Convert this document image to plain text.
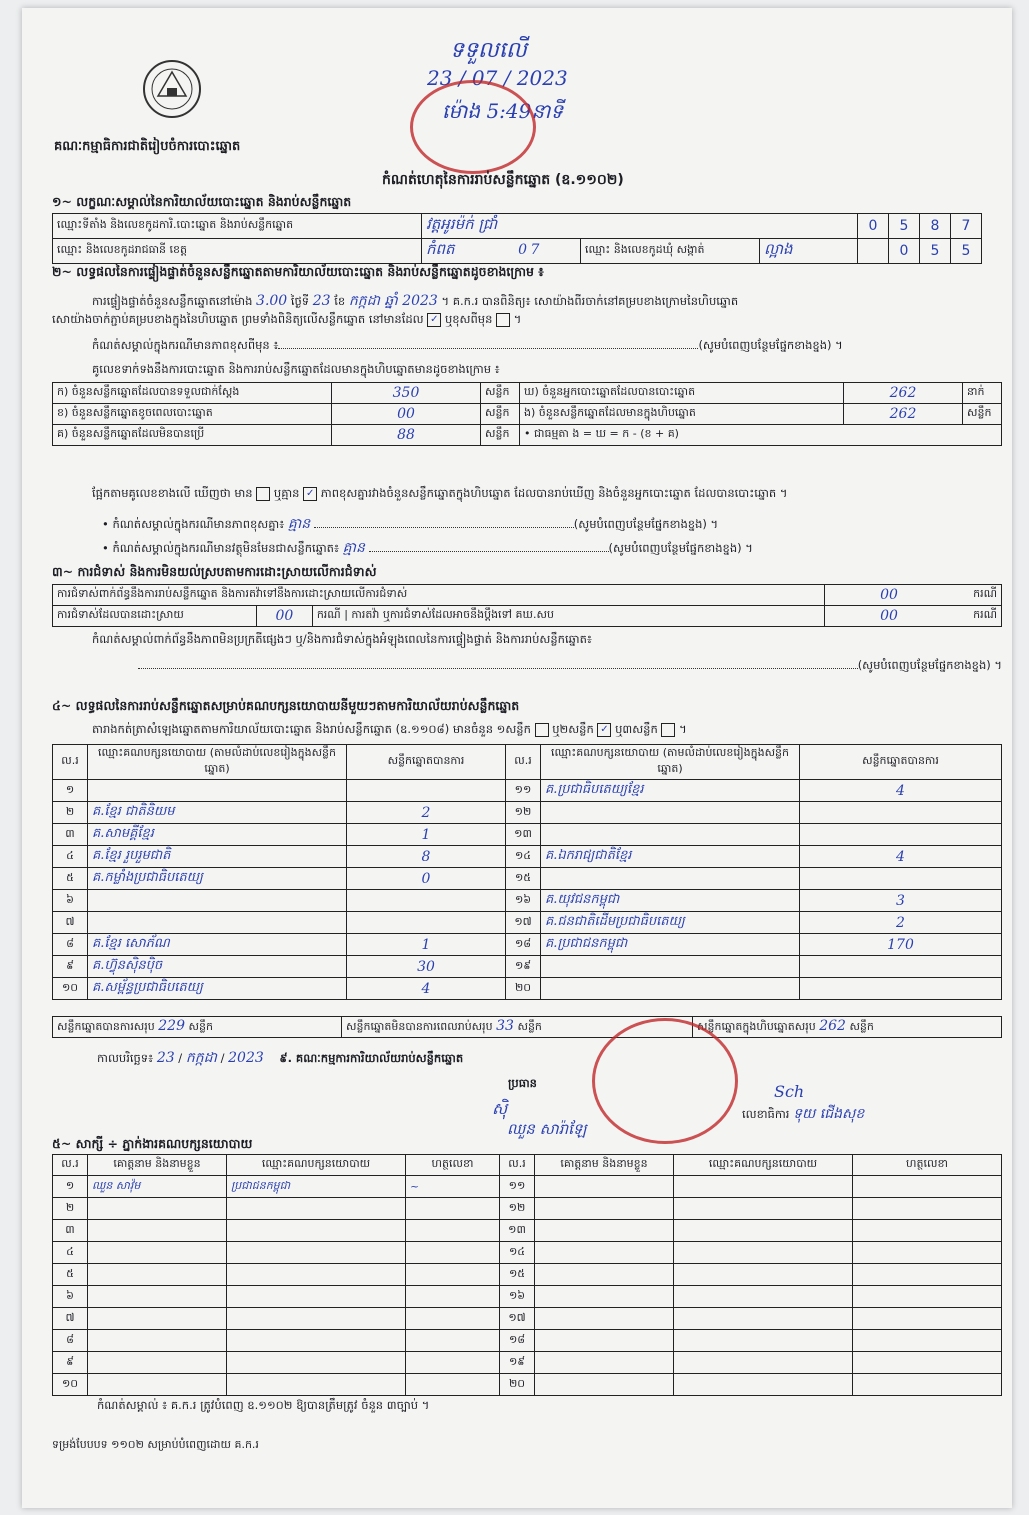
គណៈកម្មាធិការជាតិរៀបចំការបោះឆ្នោត
ទទួលលើ
23 / 07 / 2023
ម៉ោង 5:49នាទី
កំណត់ហេតុនៃការរាប់សន្លឹកឆ្នោត (ឧ.១១០២)
១~ លក្ខណៈសម្គាល់នៃការិយាល័យបោះឆ្នោត និងរាប់សន្លឹកឆ្នោត
ឈ្មោះទីតាំង និងលេខកូដការិ.បោះឆ្នោត និងរាប់សន្លឹកឆ្នោត	វត្តអូរម៉ក់ ជ្រាំ			0	5	8	7
ឈ្មោះ និងលេខកូដរាជធានី ខេត្ត	កំពត 0 7	ឈ្មោះ និងលេខកូដឃុំ សង្កាត់	ល្អាង		0	5	5
២~ លទ្ធផលនៃការផ្ទៀងផ្ទាត់ចំនួនសន្លឹកឆ្នោតតាមការិយាល័យបោះឆ្នោត និងរាប់សន្លឹកឆ្នោតដូចខាងក្រោម ៖
ការផ្ទៀងផ្ទាត់ចំនួនសន្លឹកឆ្នោតនៅម៉ោង 3.00 ថ្ងៃទី 23 ខែ កក្កដា ឆ្នាំ 2023 ។ គ.ក.រ បានពិនិត្យ៖ សោយ៉ាងពីរចាក់នៅគម្របខាងក្រោមនៃហិបឆ្នោត
សោយ៉ាងចាក់ភ្ជាប់គម្របខាងក្នុងនៃហិបឆ្នោត ព្រមទាំងពិនិត្យលើសន្លឹកឆ្នោត នៅមានដែល ✓ ឬខុសពីមុន  ។
កំណត់សម្គាល់ក្នុងករណីមានភាពខុសពីមុន ៖	(សូមបំពេញបន្ថែមផ្នែកខាងខ្នង) ។
គូលេខទាក់ទងនឹងការបោះឆ្នោត និងការរាប់សន្លឹកឆ្នោតដែលមានក្នុងហិបឆ្នោតមានដូចខាងក្រោម ៖
ក) ចំនួនសន្លឹកឆ្នោតដែលបានទទួលជាក់ស្តែង	350	សន្លឹក	ឃ) ចំនួនអ្នកបោះឆ្នោតដែលបានបោះឆ្នោត	262	នាក់
ខ) ចំនួនសន្លឹកឆ្នោតខូចពេលបោះឆ្នោត	00	សន្លឹក	ង) ចំនួនសន្លឹកឆ្នោតដែលមានក្នុងហិបឆ្នោត	262	សន្លឹក
គ) ចំនួនសន្លឹកឆ្នោតដែលមិនបានប្រើ	88	សន្លឹក	• ជាធម្មតា ង = ឃ = ក - (ខ + គ)		
ផ្អែកតាមគូលេខខាងលើ ឃើញថា មាន ឬគ្មាន ✓ ភាពខុសគ្នារវាងចំនួនសន្លឹកឆ្នោតក្នុងហិបឆ្នោត ដែលបានរាប់ឃើញ និងចំនួនអ្នកបោះឆ្នោត ដែលបានបោះឆ្នោត ។
• កំណត់សម្គាល់ក្នុងករណីមានភាពខុសគ្នា៖ គ្មាន	(សូមបំពេញបន្ថែមផ្នែកខាងខ្នង) ។
• កំណត់សម្គាល់ក្នុងករណីមានវត្ថុមិនមែនជាសន្លឹកឆ្នោត៖ គ្មាន	(សូមបំពេញបន្ថែមផ្នែកខាងខ្នង) ។
៣~ ការជំទាស់ និងការមិនយល់ស្របតាមការដោះស្រាយលើការជំទាស់
ការជំទាស់ពាក់ព័ន្ធនឹងការរាប់សន្លឹកឆ្នោត និងការតវ៉ាទៅនឹងការដោះស្រាយលើការជំទាស់			00	ករណី
ការជំទាស់ដែលបានដោះស្រាយ	00	ករណី | ការតវ៉ា ឬការជំទាស់ដែលអាចនឹងប្តឹងទៅ គឃ.សប	00	ករណី
កំណត់សម្គាល់ពាក់ព័ន្ធនឹងភាពមិនប្រក្រតីផ្សេងៗ ឬ/និងការជំទាស់ក្នុងអំឡុងពេលនៃការផ្ទៀងផ្ទាត់ និងការរាប់សន្លឹកឆ្នោត៖
(សូមបំពេញបន្ថែមផ្នែកខាងខ្នង) ។
៤~ លទ្ធផលនៃការរាប់សន្លឹកឆ្នោតសម្រាប់គណបក្សនយោបាយនីមួយៗតាមការិយាល័យរាប់សន្លឹកឆ្នោត
តារាងកត់ត្រាសំឡេងឆ្នោតតាមការិយាល័យបោះឆ្នោត និងរាប់សន្លឹកឆ្នោត (ឧ.១១០៨) មានចំនួន ១សន្លឹក ឬ២សន្លឹក ✓ ឬ៣សន្លឹក  ។
ល.រ	ឈ្មោះគណបក្សនយោបាយ (តាមលំដាប់លេខរៀងក្នុងសន្លឹកឆ្នោត)	សន្លឹកឆ្នោតបានការ	ល.រ	ឈ្មោះគណបក្សនយោបាយ (តាមលំដាប់លេខរៀងក្នុងសន្លឹកឆ្នោត)	សន្លឹកឆ្នោតបានការ
១			១១	គ.ប្រជាធិបតេយ្យខ្មែរ	4
២	គ.ខ្មែរ ជាតិនិយម	2	១២		
៣	គ.សាមគ្គីខ្មែរ	1	១៣		
៤	គ.ខ្មែរ រួបរួមជាតិ	8	១៤	គ.ឯករាជ្យជាតិខ្មែរ	4
៥	គ.កម្លាំងប្រជាធិបតេយ្យ	0	១៥		
៦			១៦	គ.យុវជនកម្ពុជា	3
៧			១៧	គ.ជនជាតិដើមប្រជាធិបតេយ្យ	2
៨	គ.ខ្មែរ សោភ័ណ	1	១៨	គ.ប្រជាជនកម្ពុជា	170
៩	គ.ហ៊្វុនស៊ិនប៉ិច	30	១៩		
១០	គ.សម្ព័ន្ធប្រជាធិបតេយ្យ	4	២០		
សន្លឹកឆ្នោតបានការសរុប 229 សន្លឹក	សន្លឹកឆ្នោតមិនបានការពេលរាប់សរុប 33 សន្លឹក	សន្លឹកឆ្នោតក្នុងហិបឆ្នោតសរុប 262 សន្លឹក
កាលបរិច្ឆេទ៖ 23 / កក្កដា / 2023 ៩. គណៈកម្មការការិយាល័យរាប់សន្លឹកឆ្នោត
ប្រធាន
ស៊ិ
ឈួន សារ៉ាឡែ
លេខាធិការ ទុយ ជើងសុខ
Sch
៥~ សាក្សី ÷ ភ្នាក់ងារគណបក្សនយោបាយ
ល.រ	គោត្តនាម និងនាមខ្លួន	ឈ្មោះគណបក្សនយោបាយ	ហត្ថលេខា	ល.រ	គោត្តនាម និងនាមខ្លួន	ឈ្មោះគណបក្សនយោបាយ	ហត្ថលេខា
១	ឈួន សាវ៉ុម	ប្រជាជនកម្ពុជា	~	១១			
២				១២			
៣				១៣			
៤				១៤			
៥				១៥			
៦				១៦			
៧				១៧			
៨				១៨			
៩				១៩			
១០				២០			
កំណត់សម្គាល់ ៖ គ.ក.រ ត្រូវបំពេញ ឧ.១១០២ ឱ្យបានត្រឹមត្រូវ ចំនួន ៣ច្បាប់ ។
ទម្រង់បែបបទ ១១០២ សម្រាប់បំពេញដោយ គ.ក.រ
